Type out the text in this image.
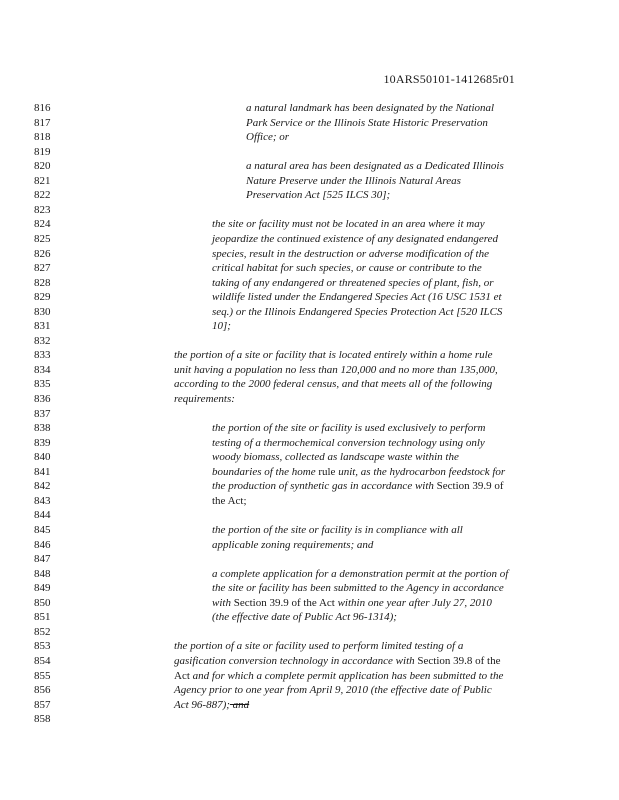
10ARS50101-1412685r01
816	a natural landmark has been designated by the National
817	Park Service or the Illinois State Historic Preservation
818	Office; or
819
820	a natural area has been designated as a Dedicated Illinois
821	Nature Preserve under the Illinois Natural Areas
822	Preservation Act [525 ILCS 30];
823
824	the site or facility must not be located in an area where it may
825	jeopardize the continued existence of any designated endangered
826	species, result in the destruction or adverse modification of the
827	critical habitat for such species, or cause or contribute to the
828	taking of any endangered or threatened species of plant, fish, or
829	wildlife listed under the Endangered Species Act (16 USC 1531 et
830	seq.) or the Illinois Endangered Species Protection Act [520 ILCS
831	10];
832
833	the portion of a site or facility that is located entirely within a home rule
834	unit having a population no less than 120,000 and no more than 135,000,
835	according to the 2000 federal census, and that meets all of the following
836	requirements:
837
838	the portion of the site or facility is used exclusively to perform
839	testing of a thermochemical conversion technology using only
840	woody biomass, collected as landscape waste within the
841	boundaries of the home rule unit, as the hydrocarbon feedstock for
842	the production of synthetic gas in accordance with Section 39.9 of
843	the Act;
844
845	the portion of the site or facility is in compliance with all
846	applicable zoning requirements; and
847
848	a complete application for a demonstration permit at the portion of
849	the site or facility has been submitted to the Agency in accordance
850	with Section 39.9 of the Act within one year after July 27, 2010
851	(the effective date of Public Act 96-1314);
852
853	the portion of a site or facility used to perform limited testing of a
854	gasification conversion technology in accordance with Section 39.8 of the
855	Act and for which a complete permit application has been submitted to the
856	Agency prior to one year from April 9, 2010 (the effective date of Public
857	Act 96-887); and
858
